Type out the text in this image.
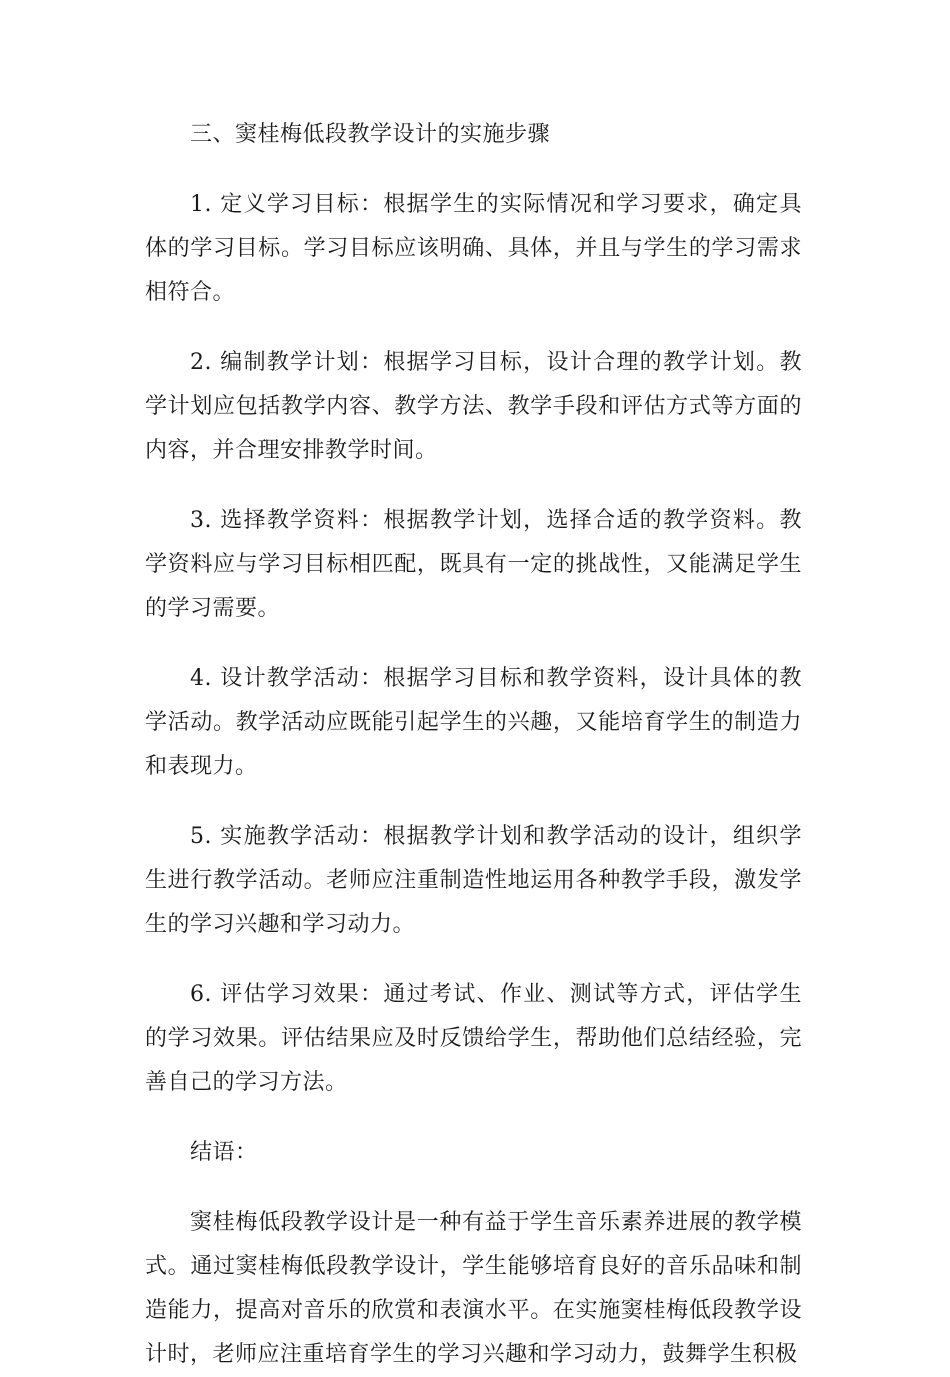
三、窦桂梅低段教学设计的实施步骤

1. 定义学习目标：根据学生的实际情况和学习要求，确定具体的学习目标。学习目标应该明确、具体，并且与学生的学习需求相符合。

2. 编制教学计划：根据学习目标，设计合理的教学计划。教学计划应包括教学内容、教学方法、教学手段和评估方式等方面的内容，并合理安排教学时间。

3. 选择教学资料：根据教学计划，选择合适的教学资料。教学资料应与学习目标相匹配，既具有一定的挑战性，又能满足学生的学习需要。

4. 设计教学活动：根据学习目标和教学资料，设计具体的教学活动。教学活动应既能引起学生的兴趣，又能培育学生的制造力和表现力。

5. 实施教学活动：根据教学计划和教学活动的设计，组织学生进行教学活动。老师应注重制造性地运用各种教学手段，激发学生的学习兴趣和学习动力。

6. 评估学习效果：通过考试、作业、测试等方式，评估学生的学习效果。评估结果应及时反馈给学生，帮助他们总结经验，完善自己的学习方法。

结语：

窦桂梅低段教学设计是一种有益于学生音乐素养进展的教学模式。通过窦桂梅低段教学设计，学生能够培育良好的音乐品味和制造能力，提高对音乐的欣赏和表演水平。在实施窦桂梅低段教学设计时，老师应注重培育学生的学习兴趣和学习动力，鼓舞学生积极
